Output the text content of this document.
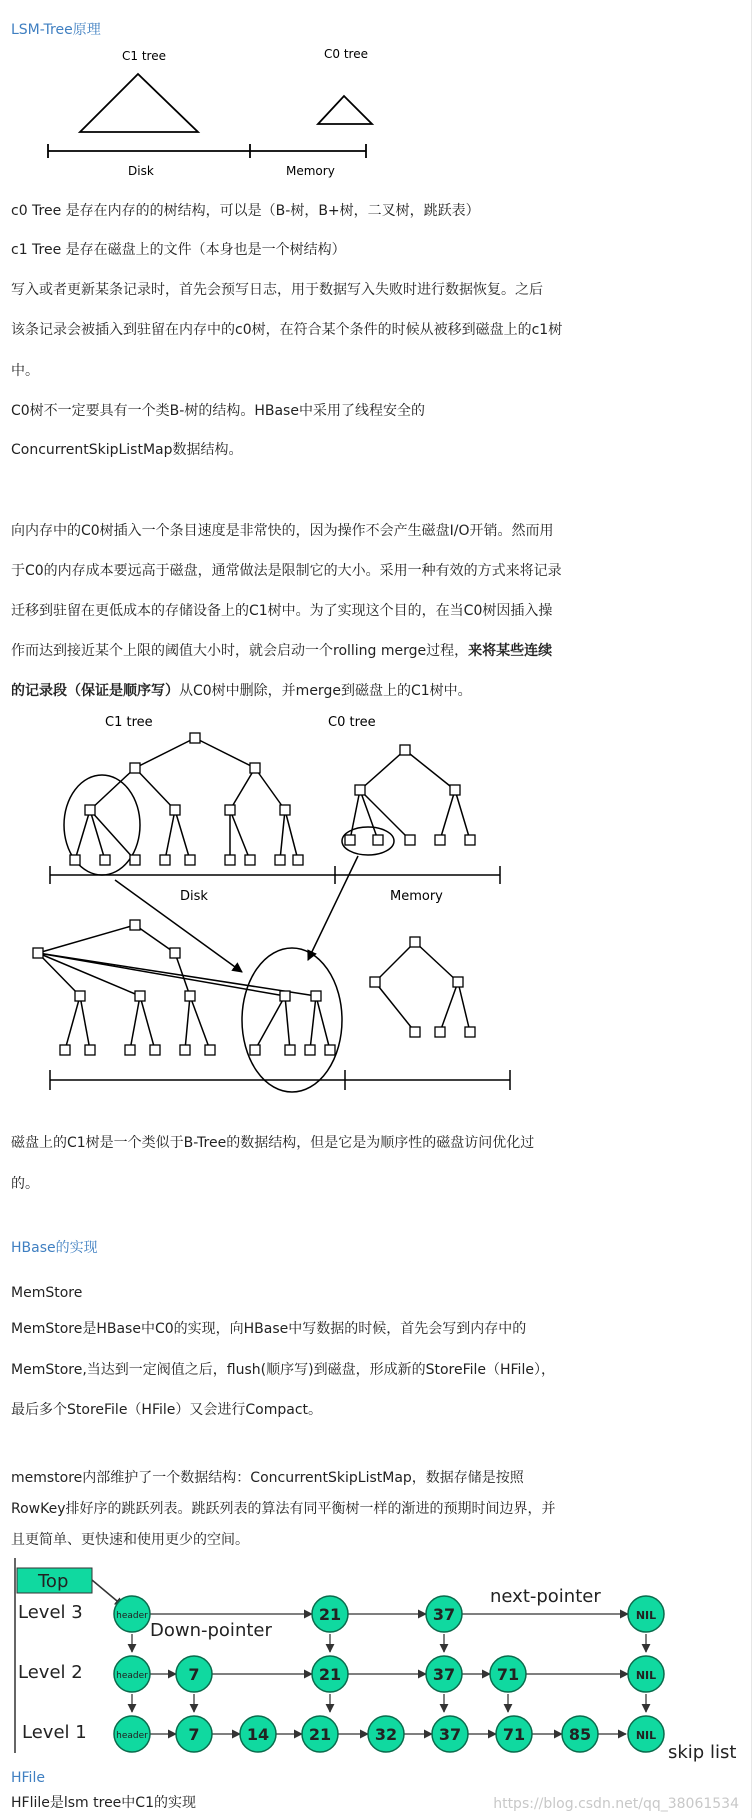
LSM-Tree原理
C1 tree	C0 tree
Disk	Memory
c0 Tree 是存在内存的的树结构，可以是（B-树，B+树，二叉树，跳跃表）
c1 Tree 是存在磁盘上的文件（本身也是一个树结构）
写入或者更新某条记录时，首先会预写日志，用于数据写入失败时进行数据恢复。之后
该条记录会被插入到驻留在内存中的c0树，在符合某个条件的时候从被移到磁盘上的c1树
中。
C0树不一定要具有一个类B-树的结构。HBase中采用了线程安全的
ConcurrentSkipListMap数据结构。
向内存中的C0树插入一个条目速度是非常快的，因为操作不会产生磁盘I/O开销。然而用
于C0的内存成本要远高于磁盘，通常做法是限制它的大小。采用一种有效的方式来将记录
迁移到驻留在更低成本的存储设备上的C1树中。为了实现这个目的，在当C0树因插入操
作而达到接近某个上限的阈值大小时，就会启动一个rolling merge过程，来将某些连续
的记录段（保证是顺序写）从C0树中删除，并merge到磁盘上的C1树中。
C1 tree	C0 tree
Disk	Memory
磁盘上的C1树是一个类似于B-Tree的数据结构，但是它是为顺序性的磁盘访问优化过
的。
HBase的实现
MemStore
MemStore是HBase中C0的实现，向HBase中写数据的时候，首先会写到内存中的
MemStore,当达到一定阀值之后，flush(顺序写)到磁盘，形成新的StoreFile（HFile），
最后多个StoreFile（HFile）又会进行Compact。
memstore内部维护了一个数据结构：ConcurrentSkipListMap，数据存储是按照
RowKey排好序的跳跃列表。跳跃列表的算法有同平衡树一样的渐进的预期时间边界，并
且更简单、更快速和使用更少的空间。
Top
Level 3
Level 2
Level 1
next-pointer
Down-pointer
skip list
header
header
header
NIL
NIL
NIL
21	37
7	21	37	71
7	14 21	32	37	71	85
HFile
HFlile是lsm tree中C1的实现	https://blog.csdn.net/qq_38061534
